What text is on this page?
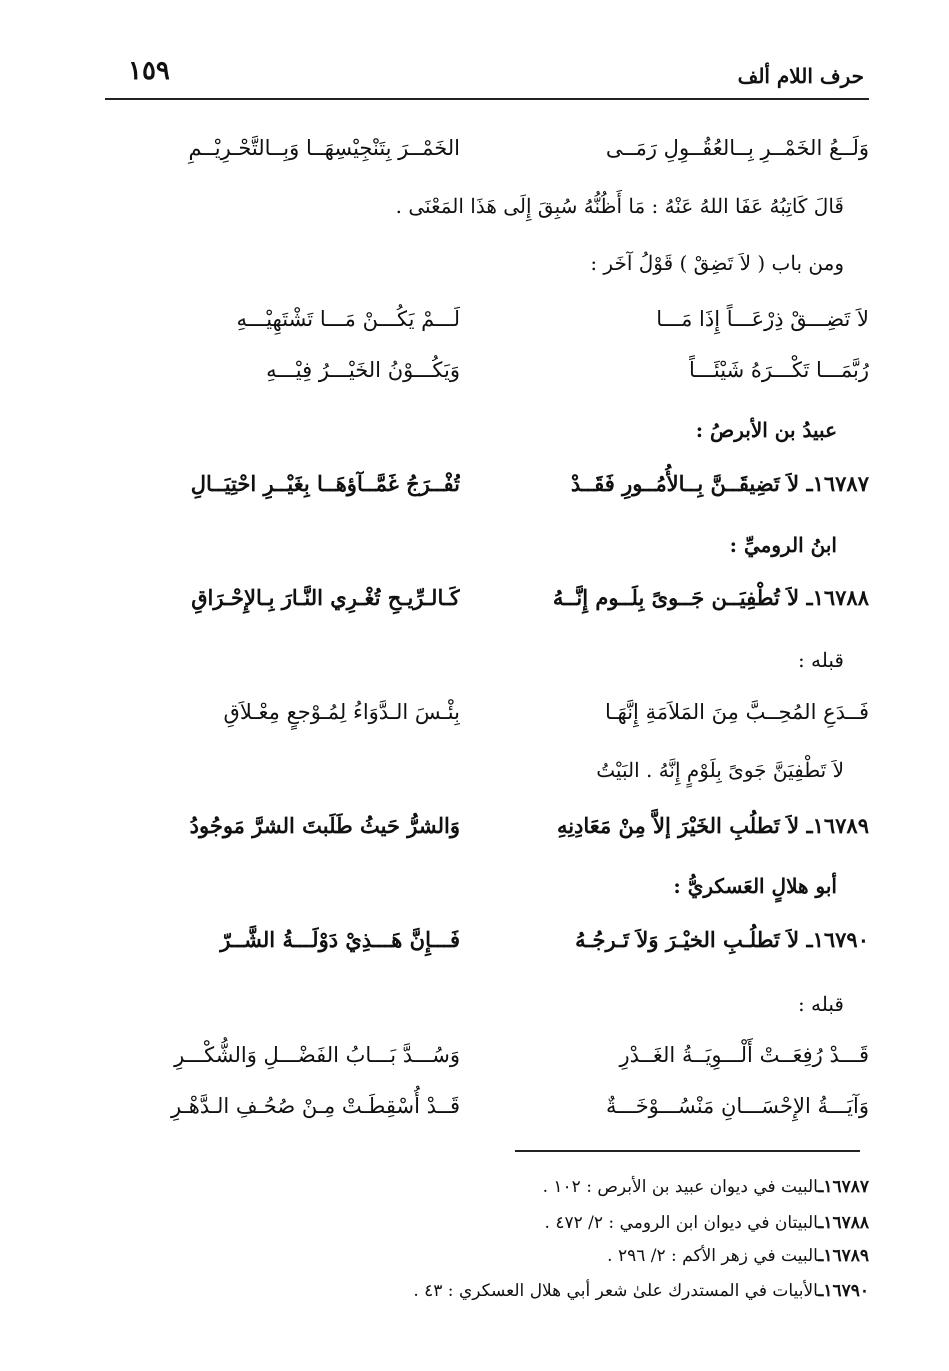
حرف اللام ألف
١٥٩
وَلَــعُ الخَمْــرِ بِــالعُقُــوِلِ رَمَــى
الخَمْــرَ بِتَنْجِيْسِهَــا وَبِــالتَّحْـرِيْــمِ
قَالَ كَاتِبُهُ عَفَا اللهُ عَنْهُ : مَا أَظُنُّهُ سُبِقَ إِلَى هَذَا المَعْنَى .
ومن باب ( لاَ تَضِقْ ) قَوْلُ آخَر :
لاَ تَضِـــقْ ذِرْعَـــاً إِذَا مَـــا
لَـــمْ يَكُـــنْ مَـــا تَشْتَهِيْـــهِ
رُبَّمَـــا تَكْـــرَهُ شَيْئَـــاً
وَيَكُـــوْنُ الخَيْـــرُ فِيْـــهِ
عبيدُ بن الأبرصُ :
١٦٧٨٧ـ لاَ تَضِيقَــنَّ بِــالأُمُــورِ فَقَــدْ
تُفْــرَجُ غَمَّــآؤهَــا بِغَيْــرِ احْتِيَــالِ
ابنُ الروميِّ :
١٦٧٨٨ـ لاَ تُطْفِيَــن جَــوىً بِلَــوم إِنَّــهُ
كَـالـرِّيـحِ تُغْـرِي النَّـارَ بِـالإِحْـرَاقِ
قبله :
فَــدَعِ المُحِــبَّ مِنَ المَلاَمَةِ إِنَّهَـا
بِئْـسَ الـدَّوَاءُ لِمُـوْجعٍ مِعْـلاَقِ
لاَ تَطْفِيَنَّ جَوىً بِلَوْمٍ إِنَّهُ . البَيْتُ
١٦٧٨٩ـ لاَ تَطلُبِ الخَيْرَ إلاَّ مِنْ مَعَادِنِهِ
وَالشرُّ حَيثُ طَلَبتَ الشرَّ مَوجُودُ
أبو هلالٍ العَسكريُّ :
١٦٧٩٠ـ لاَ تَطلُـبِ الخيْـرَ وَلاَ تَـرجُـهُ
فَـــإِنَّ هَـــذِيْ دَوْلَـــةُ الشَّــرّ
قبله :
قَـــدْ رُفِعَــتْ أَلْـــوِيَــةُ الغَــدْرِ
وَسُـــدَّ بَـــابُ الفَضْـــلِ وَالشُّكْـــرِ
وَآيَـــةُ الإِحْسَـــانِ مَنْسُـــوْخَـــةٌ
قَــدْ أُسْقِطَـتْ مِـنْ صُحُـفِ الـدَّهْـرِ
١٦٧٨٧ـالبيت في ديوان عبيد بن الأبرص : ١٠٢ .
١٦٧٨٨ـالبيتان في ديوان ابن الرومي : ٢/ ٤٧٢ .
١٦٧٨٩ـالبيت في زهر الأكم : ٢/ ٢٩٦ .
١٦٧٩٠ـالأبيات في المستدرك علىٰ شعر أبي هلال العسكري : ٤٣ .
